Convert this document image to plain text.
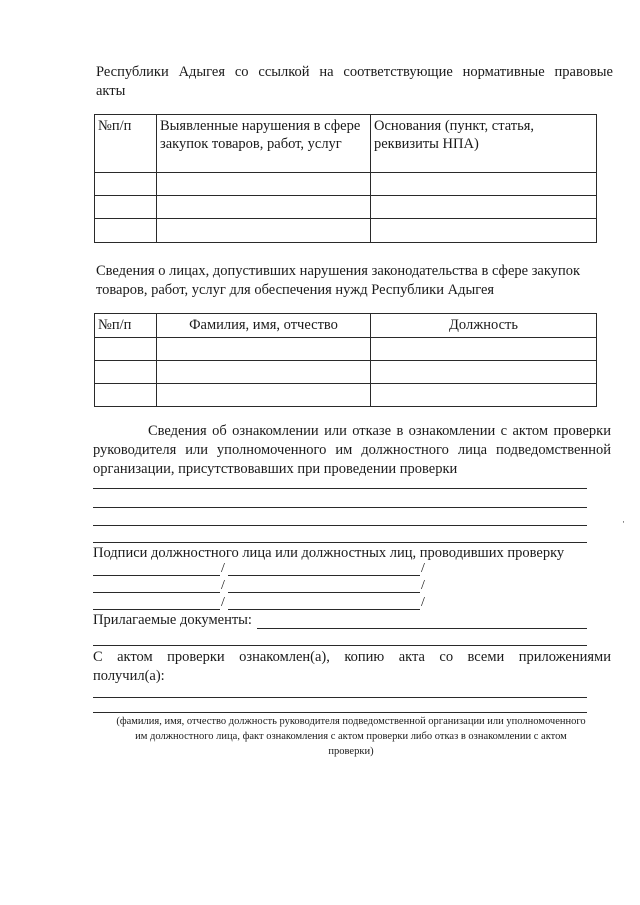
Республики Адыгея со ссылкой на соответствующие нормативные правовые
акты
№п/п	Выявленные нарушения в сфере закупок товаров, работ, услуг	Основания (пункт, статья, реквизиты НПА)

Сведения о лицах, допустивших нарушения законодательства в сфере закупок
товаров, работ, услуг для обеспечения нужд Республики Адыгея
№п/п	Фамилия, имя, отчество	Должность

Сведения об ознакомлении или отказе в ознакомлении с актом проверки
руководителя или уполномоченного им должностного лица подведомственной
организации, присутствовавших при проведении проверки
Подписи должностного лица или должностных лиц, проводивших проверку
/	/
/	/
/	/
Прилагаемые документы:
С актом проверки ознакомлен(а), копию акта со всеми приложениями
получил(а):
(фамилия, имя, отчество должность руководителя подведомственной организации или уполномоченного
им должностного лица, факт ознакомления с актом проверки либо отказ в ознакомлении с актом
проверки)
·
